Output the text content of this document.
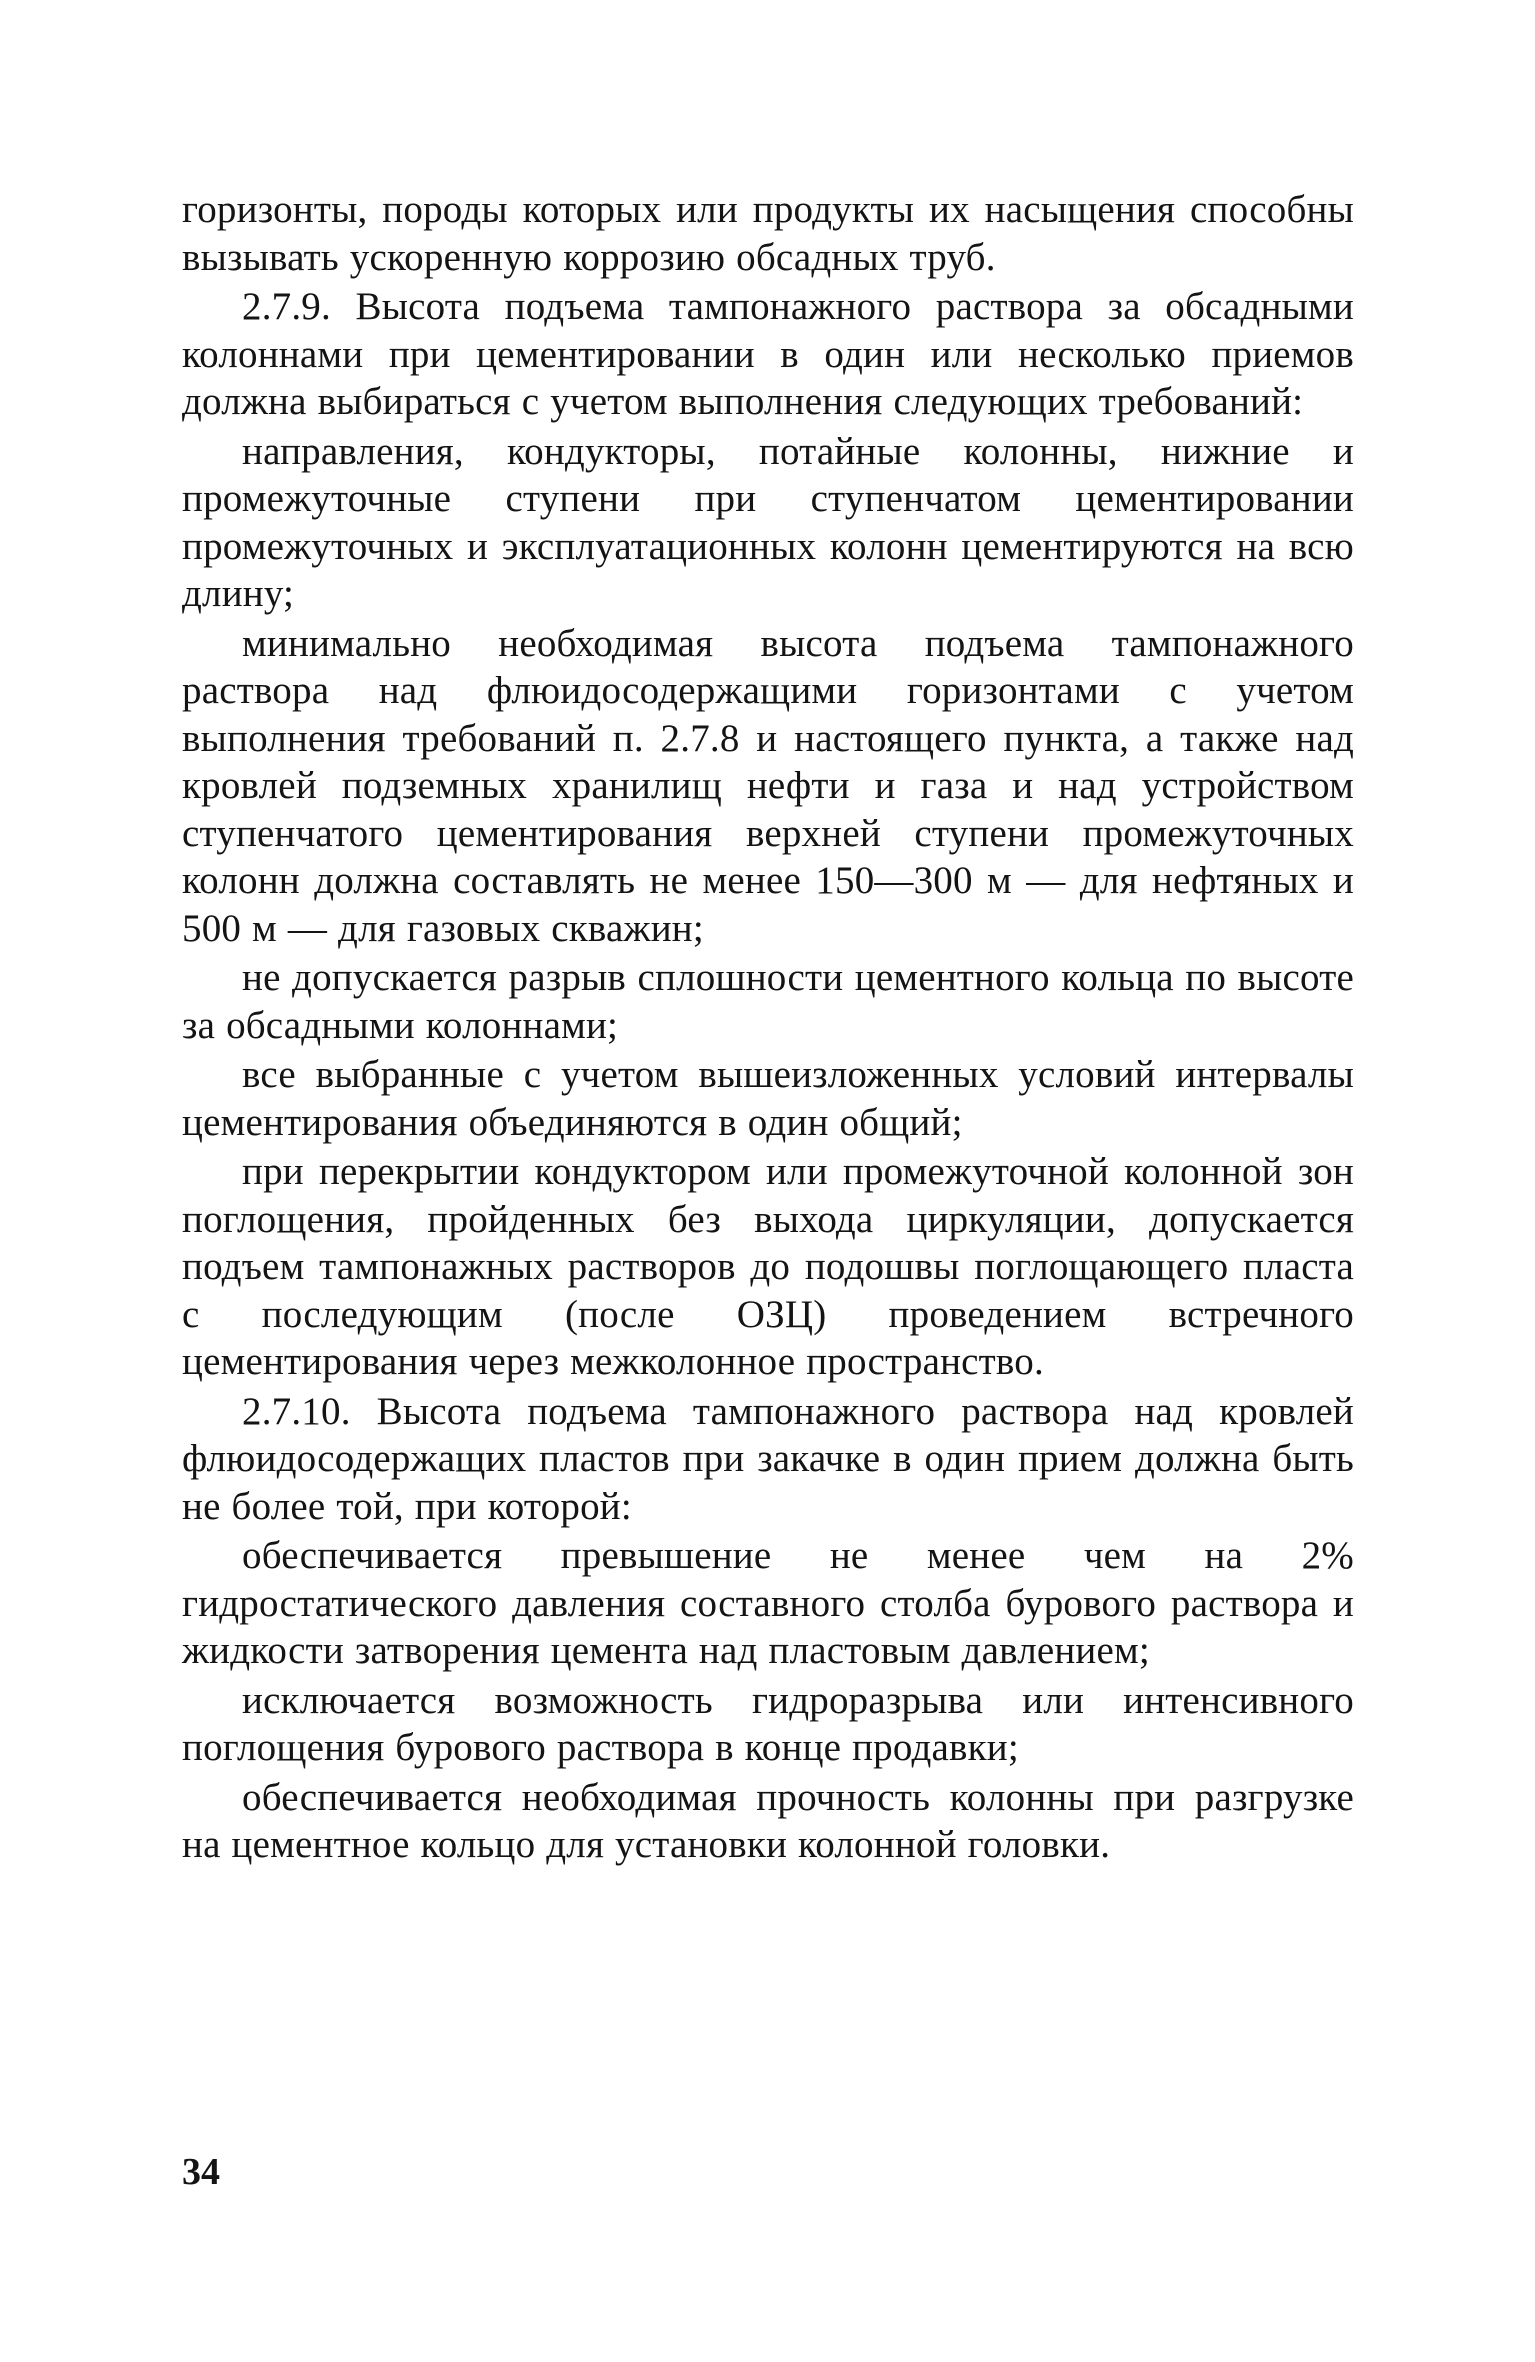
горизонты, породы которых или продукты их насыщения способны вызывать ускоренную коррозию обсадных труб.

2.7.9. Высота подъема тампонажного раствора за обсадными колоннами при цементировании в один или несколько приемов должна выбираться с учетом выполнения следующих требований:

направления, кондукторы, потайные колонны, нижние и промежуточные ступени при ступенчатом цементировании промежуточных и эксплуатационных колонн цементируются на всю длину;

минимально необходимая высота подъема тампонажного раствора над флюидосодержащими горизонтами с учетом выполнения требований п. 2.7.8 и настоящего пункта, а также над кровлей подземных хранилищ нефти и газа и над устройством ступенчатого цементирования верхней ступени промежуточных колонн должна составлять не менее 150—300 м — для нефтяных и 500 м — для газовых скважин;

не допускается разрыв сплошности цементного кольца по высоте за обсадными колоннами;

все выбранные с учетом вышеизложенных условий интервалы цементирования объединяются в один общий;

при перекрытии кондуктором или промежуточной колонной зон поглощения, пройденных без выхода циркуляции, допускается подъем тампонажных растворов до подошвы поглощающего пласта с последующим (после ОЗЦ) проведением встречного цементирования через межколонное пространство.

2.7.10. Высота подъема тампонажного раствора над кровлей флюидосодержащих пластов при закачке в один прием должна быть не более той, при которой:

обеспечивается превышение не менее чем на 2% гидростатического давления составного столба бурового раствора и жидкости затворения цемента над пластовым давлением;

исключается возможность гидроразрыва или интенсивного поглощения бурового раствора в конце продавки;

обеспечивается необходимая прочность колонны при разгрузке на цементное кольцо для установки колонной головки.

34
